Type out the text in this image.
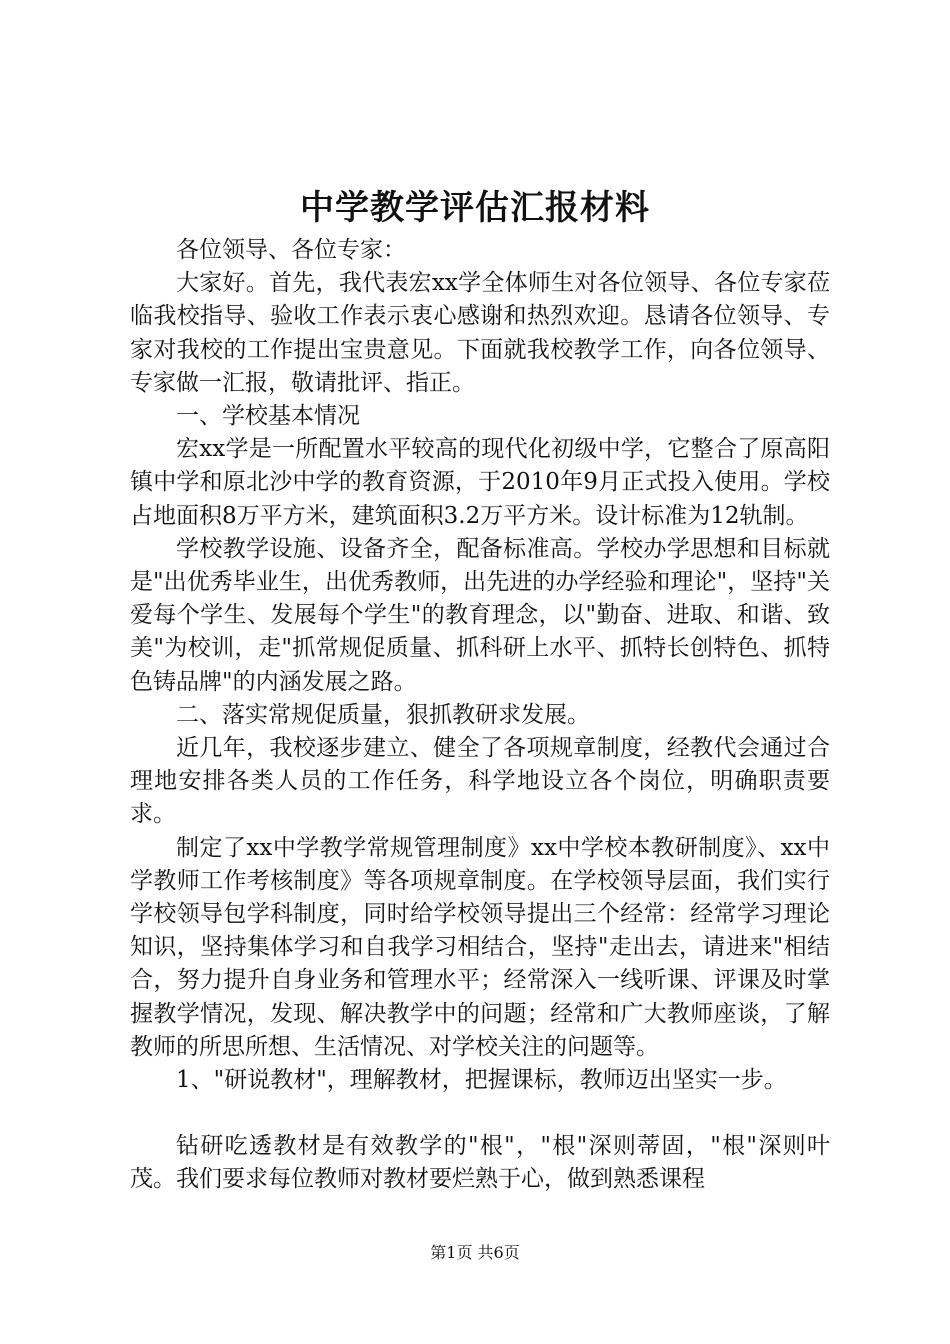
中学教学评估汇报材料

各位领导、各位专家：

大家好。首先，我代表宏xx学全体师生对各位领导、各位专家莅临我校指导、验收工作表示衷心感谢和热烈欢迎。恳请各位领导、专家对我校的工作提出宝贵意见。下面就我校教学工作，向各位领导、专家做一汇报，敬请批评、指正。

一、学校基本情况

宏xx学是一所配置水平较高的现代化初级中学，它整合了原高阳镇中学和原北沙中学的教育资源，于2010年9月正式投入使用。学校占地面积8万平方米，建筑面积3.2万平方米。设计标准为12轨制。

学校教学设施、设备齐全，配备标准高。学校办学思想和目标就是"出优秀毕业生，出优秀教师，出先进的办学经验和理论"，坚持"关爱每个学生、发展每个学生"的教育理念，以"勤奋、进取、和谐、致美"为校训，走"抓常规促质量、抓科研上水平、抓特长创特色、抓特色铸品牌"的内涵发展之路。

二、落实常规促质量，狠抓教研求发展。

近几年，我校逐步建立、健全了各项规章制度，经教代会通过合理地安排各类人员的工作任务，科学地设立各个岗位，明确职责要求。

制定了xx中学教学常规管理制度》xx中学校本教研制度》、xx中学教师工作考核制度》等各项规章制度。在学校领导层面，我们实行学校领导包学科制度，同时给学校领导提出三个经常：经常学习理论知识，坚持集体学习和自我学习相结合，坚持"走出去，请进来"相结合，努力提升自身业务和管理水平；经常深入一线听课、评课及时掌握教学情况，发现、解决教学中的问题；经常和广大教师座谈，了解教师的所思所想、生活情况、对学校关注的问题等。

1、"研说教材"，理解教材，把握课标，教师迈出坚实一步。

钻研吃透教材是有效教学的"根"，"根"深则蒂固，"根"深则叶茂。我们要求每位教师对教材要烂熟于心，做到熟悉课程

第1页 共6页
